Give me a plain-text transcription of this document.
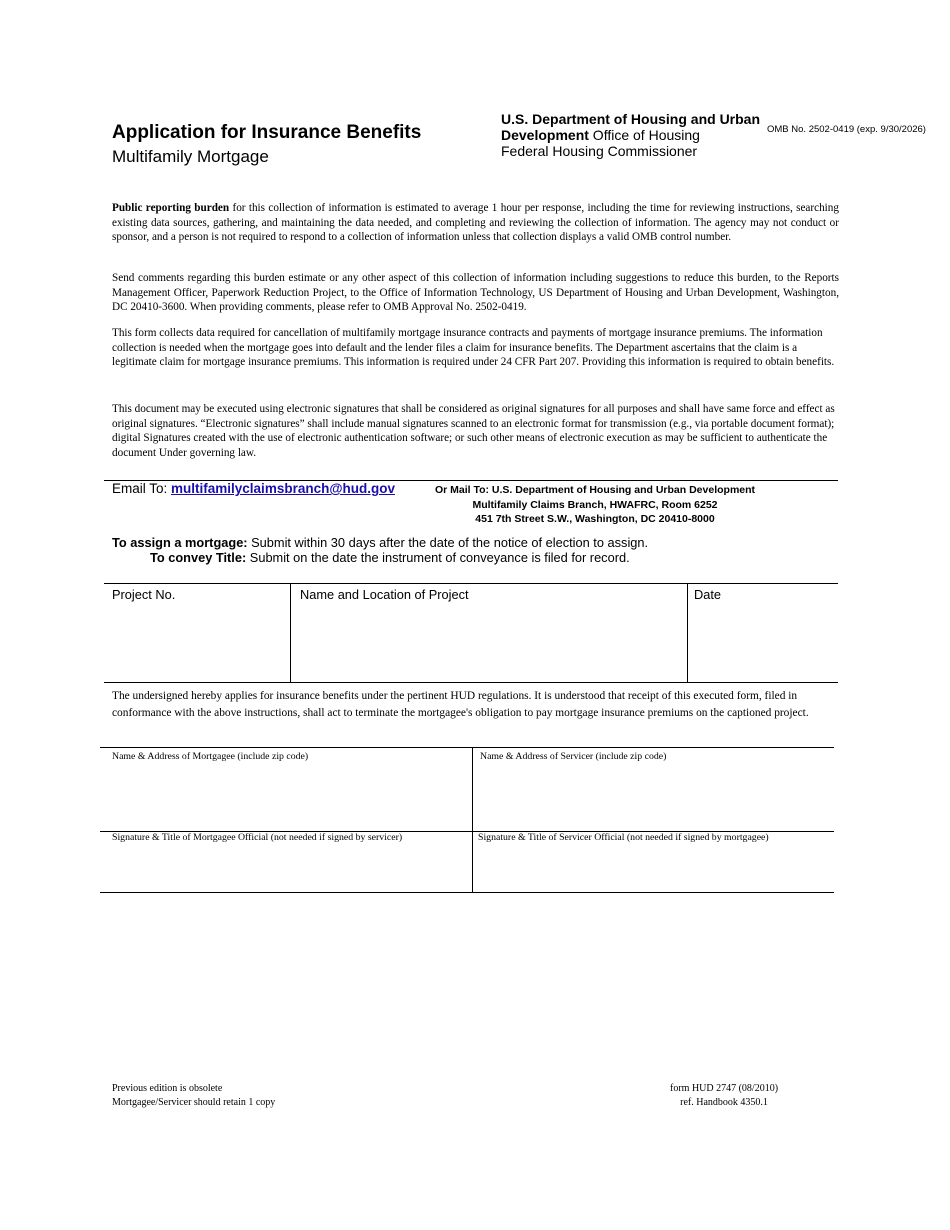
Application for Insurance Benefits
Multifamily Mortgage
U.S. Department of Housing and Urban Development Office of Housing
Federal Housing Commissioner
OMB No. 2502-0419 (exp. 9/30/2026)
Public reporting burden for this collection of information is estimated to average 1 hour per response, including the time for reviewing instructions, searching existing data sources, gathering, and maintaining the data needed, and completing and reviewing the collection of information. The agency may not conduct or sponsor, and a person is not required to respond to a collection of information unless that collection displays a valid OMB control number.
Send comments regarding this burden estimate or any other aspect of this collection of information including suggestions to reduce this burden, to the Reports Management Officer, Paperwork Reduction Project, to the Office of Information Technology, US Department of Housing and Urban Development, Washington, DC 20410-3600. When providing comments, please refer to OMB Approval No. 2502-0419.
This form collects data required for cancellation of multifamily mortgage insurance contracts and payments of mortgage insurance premiums. The information collection is needed when the mortgage goes into default and the lender files a claim for insurance benefits. The Department ascertains that the claim is a legitimate claim for mortgage insurance premiums. This information is required under 24 CFR Part 207. Providing this information is required to obtain benefits.
This document may be executed using electronic signatures that shall be considered as original signatures for all purposes and shall have same force and effect as original signatures. “Electronic signatures” shall include manual signatures scanned to an electronic format for transmission (e.g., via portable document format); digital Signatures created with the use of electronic authentication software; or such other means of electronic execution as may be sufficient to authenticate the document Under governing law.
Email To: multifamilyclaimsbranch@hud.gov	Or Mail To: U.S. Department of Housing and Urban Development
Multifamily Claims Branch, HWAFRC, Room 6252
451 7th Street S.W., Washington, DC 20410-8000
To assign a mortgage: Submit within 30 days after the date of the notice of election to assign.
To convey Title: Submit on the date the instrument of conveyance is filed for record.
Project No.	Name and Location of Project	Date
The undersigned hereby applies for insurance benefits under the pertinent HUD regulations. It is understood that receipt of this executed form, filed in conformance with the above instructions, shall act to terminate the mortgagee's obligation to pay mortgage insurance premiums on the captioned project.
Name & Address of Mortgagee (include zip code)	Name & Address of Servicer (include zip code)
Signature & Title of Mortgagee Official (not needed if signed by servicer)	Signature & Title of Servicer Official (not needed if signed by mortgagee)
Previous edition is obsolete
Mortgagee/Servicer should retain 1 copy
form HUD 2747 (08/2010)
ref. Handbook 4350.1
